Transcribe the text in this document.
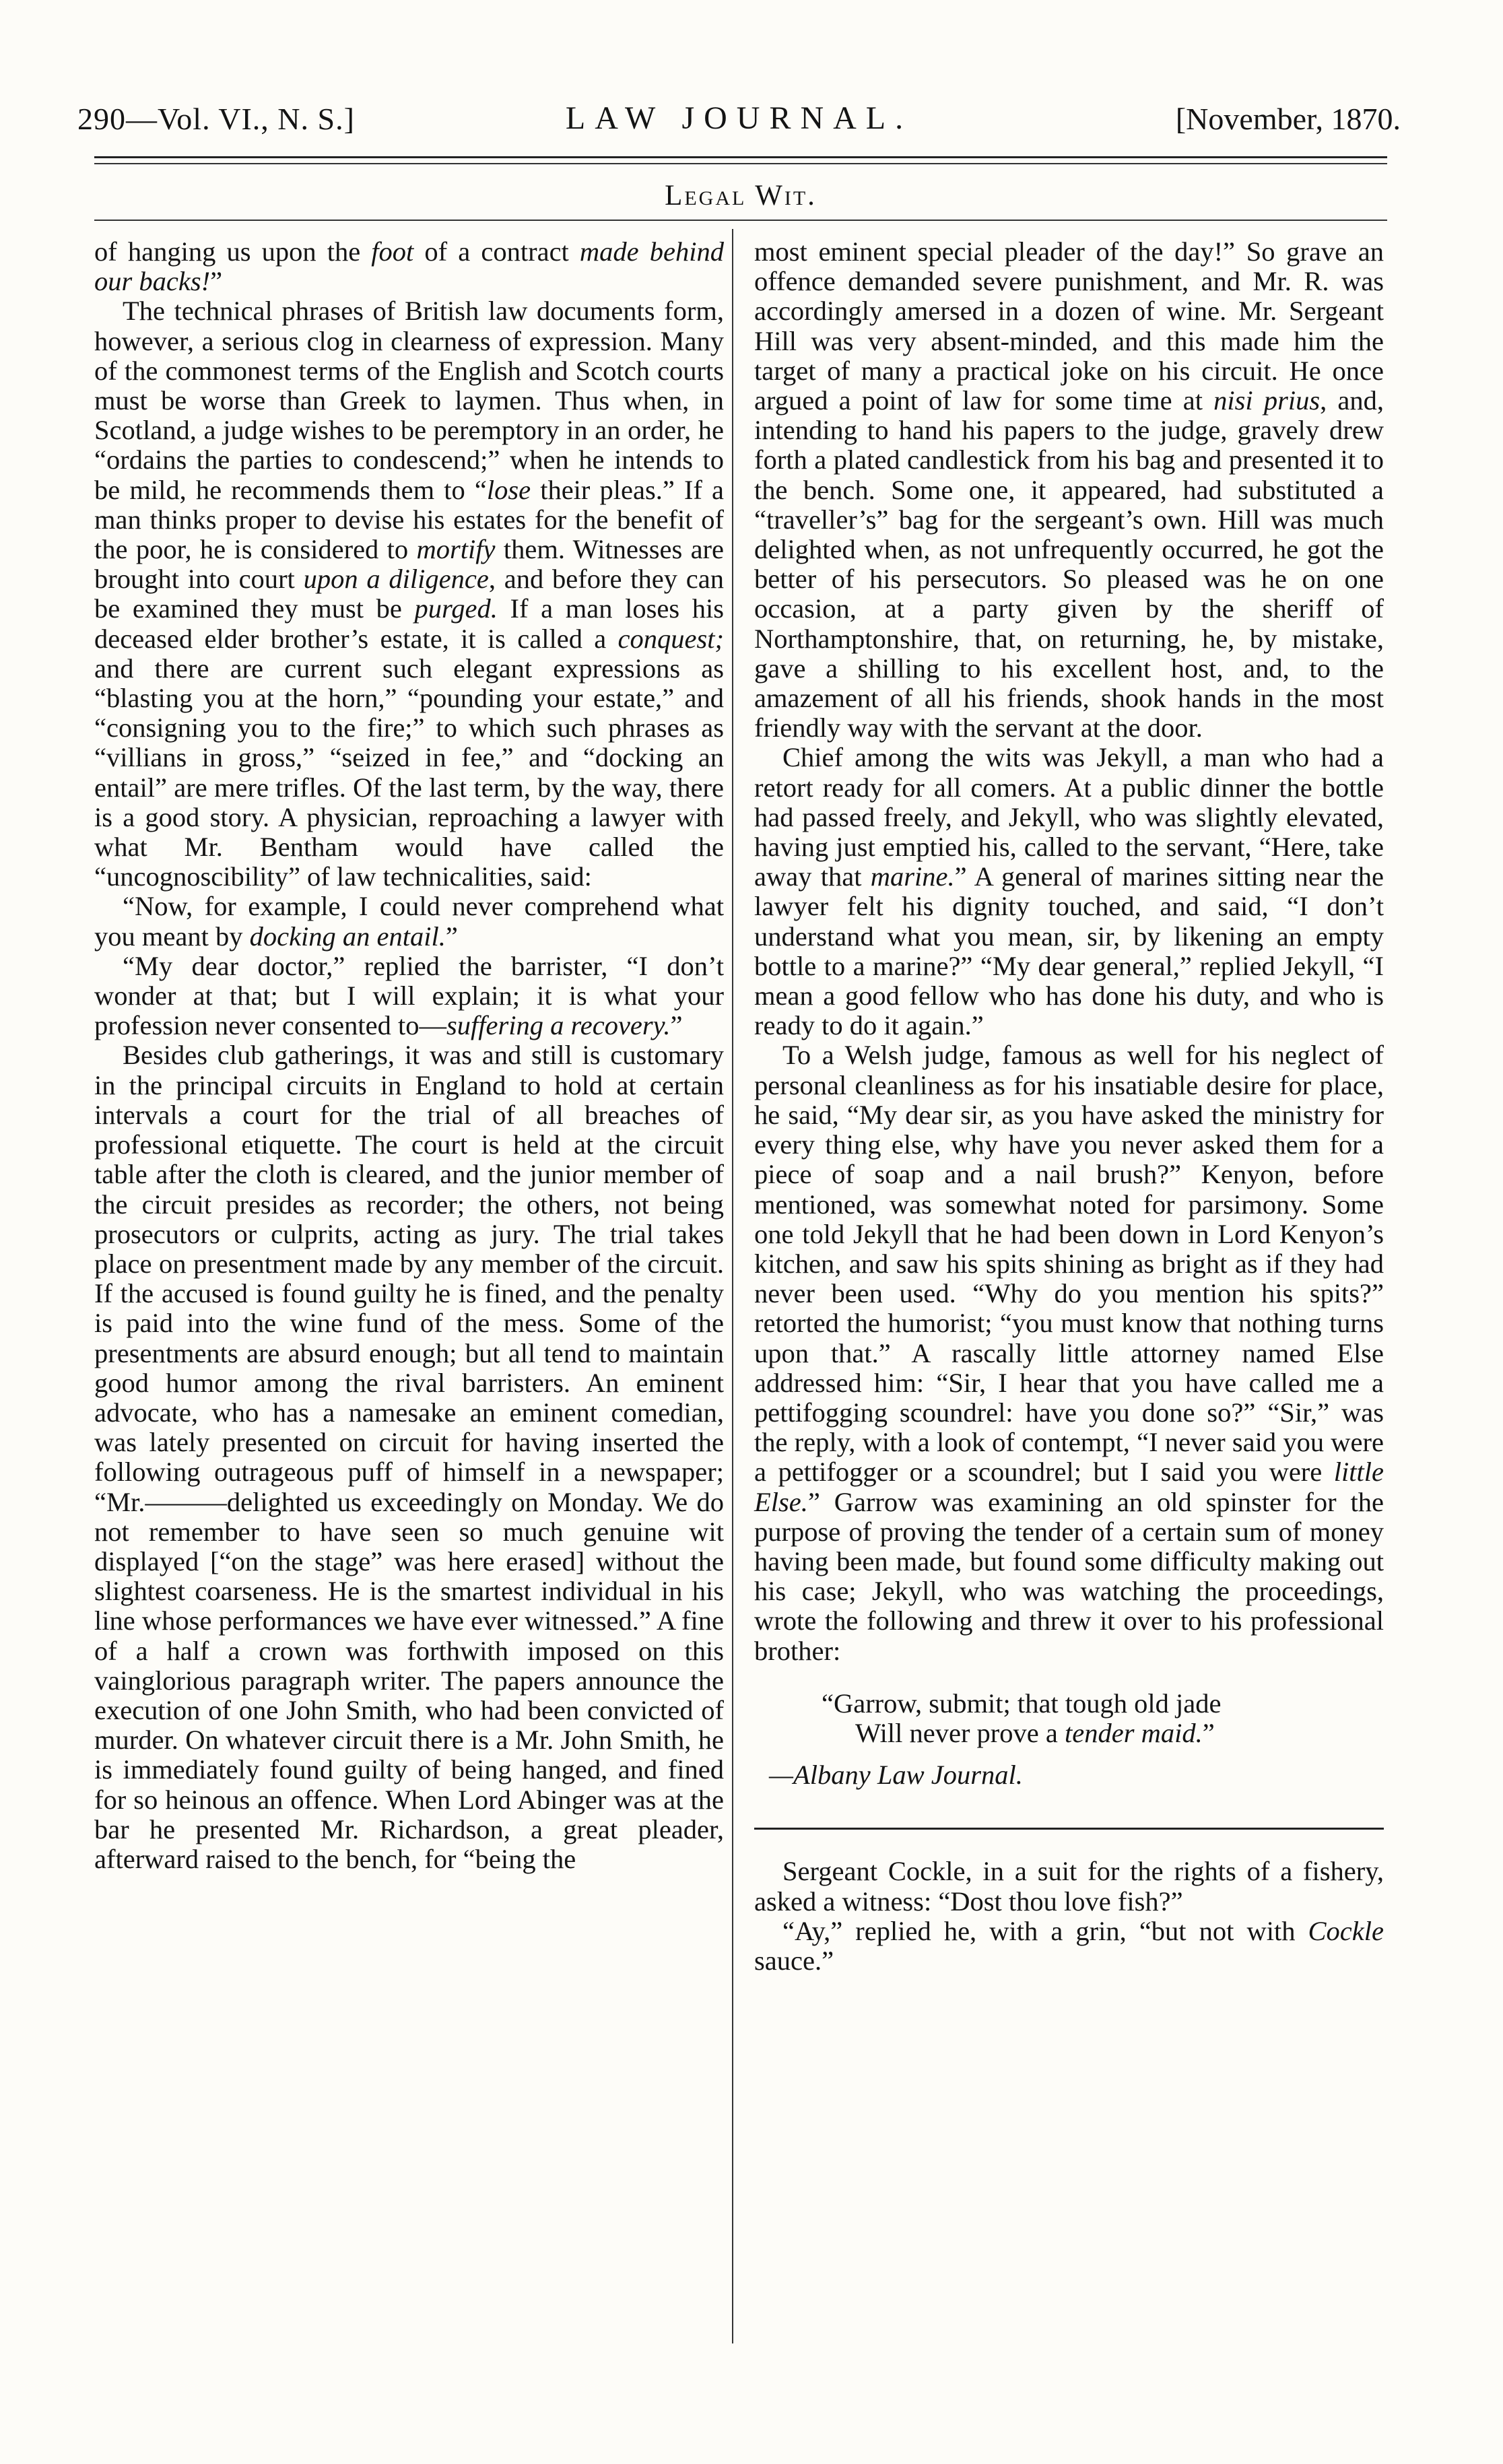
290—Vol. VI., N. S.]	LAW JOURNAL.	[November, 1870.
Legal Wit.

of hanging us upon the foot of a contract made behind our backs!”

The technical phrases of British law documents form, however, a serious clog in clearness of expression. Many of the commonest terms of the English and Scotch courts must be worse than Greek to laymen. Thus when, in Scotland, a judge wishes to be peremptory in an order, he “ordains the parties to condescend;” when he intends to be mild, he recommends them to “lose their pleas.” If a man thinks proper to devise his estates for the benefit of the poor, he is considered to mortify them. Witnesses are brought into court upon a diligence, and before they can be examined they must be purged. If a man loses his deceased elder brother’s estate, it is called a conquest; and there are current such elegant expressions as “blasting you at the horn,” “pounding your estate,” and “consigning you to the fire;” to which such phrases as “villians in gross,” “seized in fee,” and “docking an entail” are mere trifles. Of the last term, by the way, there is a good story. A physician, reproaching a lawyer with what Mr. Bentham would have called the “uncognoscibility” of law technicalities, said:

“Now, for example, I could never comprehend what you meant by docking an entail.”

“My dear doctor,” replied the barrister, “I don’t wonder at that; but I will explain; it is what your profession never consented to—suffering a recovery.”

Besides club gatherings, it was and still is customary in the principal circuits in England to hold at certain intervals a court for the trial of all breaches of professional etiquette. The court is held at the circuit table after the cloth is cleared, and the junior member of the circuit presides as recorder; the others, not being prosecutors or culprits, acting as jury. The trial takes place on presentment made by any member of the circuit. If the accused is found guilty he is fined, and the penalty is paid into the wine fund of the mess. Some of the presentments are absurd enough; but all tend to maintain good humor among the rival barristers. An eminent advocate, who has a namesake an eminent comedian, was lately presented on circuit for having inserted the following outrageous puff of himself in a newspaper; “Mr.———delighted us exceedingly on Monday. We do not remember to have seen so much genuine wit displayed [“on the stage” was here erased] without the slightest coarseness. He is the smartest individual in his line whose performances we have ever witnessed.” A fine of a half a crown was forthwith imposed on this vainglorious paragraph writer. The papers announce the execution of one John Smith, who had been convicted of murder. On whatever circuit there is a Mr. John Smith, he is immediately found guilty of being hanged, and fined for so heinous an offence. When Lord Abinger was at the bar he presented Mr. Richardson, a great pleader, afterward raised to the bench, for “being the

most eminent special pleader of the day!” So grave an offence demanded severe punishment, and Mr. R. was accordingly amersed in a dozen of wine. Mr. Sergeant Hill was very absent-minded, and this made him the target of many a practical joke on his circuit. He once argued a point of law for some time at nisi prius, and, intending to hand his papers to the judge, gravely drew forth a plated candlestick from his bag and presented it to the bench. Some one, it appeared, had substituted a “traveller’s” bag for the sergeant’s own. Hill was much delighted when, as not unfrequently occurred, he got the better of his persecutors. So pleased was he on one occasion, at a party given by the sheriff of Northamptonshire, that, on returning, he, by mistake, gave a shilling to his excellent host, and, to the amazement of all his friends, shook hands in the most friendly way with the servant at the door.

Chief among the wits was Jekyll, a man who had a retort ready for all comers. At a public dinner the bottle had passed freely, and Jekyll, who was slightly elevated, having just emptied his, called to the servant, “Here, take away that marine.” A general of marines sitting near the lawyer felt his dignity touched, and said, “I don’t understand what you mean, sir, by likening an empty bottle to a marine?” “My dear general,” replied Jekyll, “I mean a good fellow who has done his duty, and who is ready to do it again.”

To a Welsh judge, famous as well for his neglect of personal cleanliness as for his insatiable desire for place, he said, “My dear sir, as you have asked the ministry for every thing else, why have you never asked them for a piece of soap and a nail brush?” Kenyon, before mentioned, was somewhat noted for parsimony. Some one told Jekyll that he had been down in Lord Kenyon’s kitchen, and saw his spits shining as bright as if they had never been used. “Why do you mention his spits?” retorted the humorist; “you must know that nothing turns upon that.” A rascally little attorney named Else addressed him: “Sir, I hear that you have called me a pettifogging scoundrel: have you done so?” “Sir,” was the reply, with a look of contempt, “I never said you were a pettifogger or a scoundrel; but I said you were little Else.” Garrow was examining an old spinster for the purpose of proving the tender of a certain sum of money having been made, but found some difficulty making out his case; Jekyll, who was watching the proceedings, wrote the following and threw it over to his professional brother:

“Garrow, submit; that tough old jade
Will never prove a tender maid.”
—Albany Law Journal.

Sergeant Cockle, in a suit for the rights of a fishery, asked a witness: “Dost thou love fish?”

“Ay,” replied he, with a grin, “but not with Cockle sauce.”
